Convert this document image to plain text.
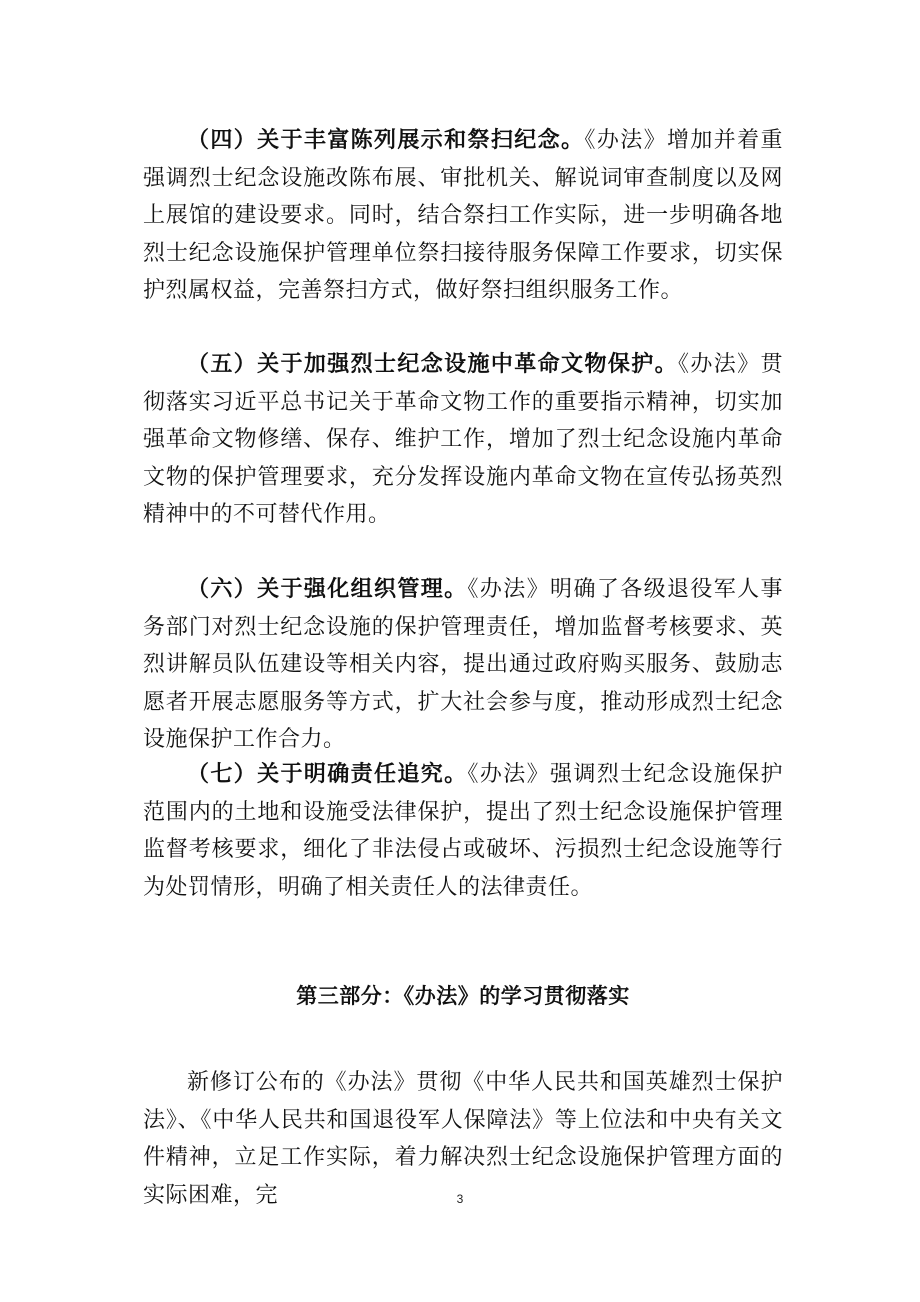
（四）关于丰富陈列展示和祭扫纪念。《办法》增加并着重强调烈士纪念设施改陈布展、审批机关、解说词审查制度以及网上展馆的建设要求。同时，结合祭扫工作实际，进一步明确各地烈士纪念设施保护管理单位祭扫接待服务保障工作要求，切实保护烈属权益，完善祭扫方式，做好祭扫组织服务工作。

（五）关于加强烈士纪念设施中革命文物保护。《办法》贯彻落实习近平总书记关于革命文物工作的重要指示精神，切实加强革命文物修缮、保存、维护工作，增加了烈士纪念设施内革命文物的保护管理要求，充分发挥设施内革命文物在宣传弘扬英烈精神中的不可替代作用。

（六）关于强化组织管理。《办法》明确了各级退役军人事务部门对烈士纪念设施的保护管理责任，增加监督考核要求、英烈讲解员队伍建设等相关内容，提出通过政府购买服务、鼓励志愿者开展志愿服务等方式，扩大社会参与度，推动形成烈士纪念设施保护工作合力。

（七）关于明确责任追究。《办法》强调烈士纪念设施保护范围内的土地和设施受法律保护，提出了烈士纪念设施保护管理监督考核要求，细化了非法侵占或破坏、污损烈士纪念设施等行为处罚情形，明确了相关责任人的法律责任。

第三部分：《办法》的学习贯彻落实

新修订公布的《办法》贯彻《中华人民共和国英雄烈士保护法》、《中华人民共和国退役军人保障法》等上位法和中央有关文件精神，立足工作实际，着力解决烈士纪念设施保护管理方面的实际困难，完	3
